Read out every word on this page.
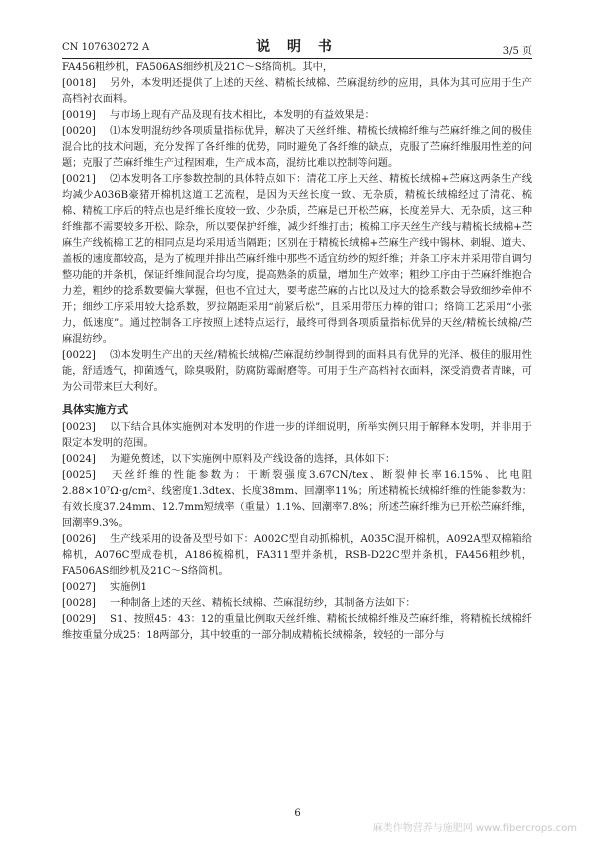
CN 107630272 A	说 明 书	3/5 页

FA456粗纱机，FA506AS细纱机及21C～S络筒机。其中，

[0018] 另外，本发明还提供了上述的天丝、精梳长绒棉、苎麻混纺纱的应用，具体为其可应用于生产高档衬衣面料。

[0019] 与市场上现有产品及现有技术相比，本发明的有益效果是：

[0020] ⑴本发明混纺纱各项质量指标优异，解决了天丝纤维、精梳长绒棉纤维与苎麻纤维之间的极佳混合比的技术问题，充分发挥了各纤维的优势，同时避免了各纤维的缺点，克服了苎麻纤维服用性差的问题；克服了苎麻纤维生产过程困难，生产成本高，混纺比难以控制等问题。

[0021] ⑵本发明各工序参数控制的具体特点如下：清花工序上天丝、精梳长绒棉+苎麻这两条生产线均减少A036B豪猪开棉机这道工艺流程，是因为天丝长度一致、无杂质，精梳长绒棉经过了清花、梳棉、精梳工序后的特点也是纤维长度较一致、少杂质，苎麻是已开松苎麻，长度差异大、无杂质，这三种纤维都不需要较多开松、除杂，所以要保护纤维，减少纤维打击；梳棉工序天丝生产线与精梳长绒棉+苎麻生产线梳棉工艺的相同点是均采用适当隔距；区别在于精梳长绒棉+苎麻生产线中锡林、刺辊、道夫、盖板的速度都较高，是为了梳理并排出苎麻纤维中那些不适宜纺纱的短纤维；并条工序末并采用带自调匀整功能的并条机，保证纤维间混合均匀度，提高熟条的质量，增加生产效率；粗纱工序由于苎麻纤维抱合力差，粗纱的捻系数要偏大掌握，但也不宜过大，要考虑苎麻的占比以及过大的捻系数会导致细纱牵伸不开；细纱工序采用较大捻系数，罗拉隔距采用“前紧后松”，且采用带压力棒的钳口；络筒工艺采用“小张力，低速度”。通过控制各工序按照上述特点运行，最终可得到各项质量指标优异的天丝/精梳长绒棉/苎麻混纺纱。

[0022] ⑶本发明生产出的天丝/精梳长绒棉/苎麻混纺纱制得到的面料具有优异的光泽、极佳的服用性能，舒适透气，抑菌透气，除臭吸附，防腐防霉耐磨等。可用于生产高档衬衣面料，深受消费者青睐，可为公司带来巨大利好。

具体实施方式

[0023] 以下结合具体实施例对本发明的作进一步的详细说明，所举实例只用于解释本发明，并非用于限定本发明的范围。

[0024] 为避免赘述，以下实施例中原料及产线设备的选择，具体如下：

[0025] 天丝纤维的性能参数为：干断裂强度3.67CN/tex、断裂伸长率16.15%、比电阻2.88×10⁷Ω·g/cm²、线密度1.3dtex、长度38mm、回潮率11%；所述精梳长绒棉纤维的性能参数为：有效长度37.24mm、12.7mm短绒率（重量）1.1%、回潮率7.8%；所述苎麻纤维为已开松苎麻纤维，回潮率9.3%。

[0026] 生产线采用的设备及型号如下：A002C型自动抓棉机，A035C混开棉机，A092A型双棉箱给棉机，A076C型成卷机，A186梳棉机，FA311型并条机，RSB-D22C型并条机，FA456粗纱机，FA506AS细纱机及21C～S络筒机。

[0027] 实施例1

[0028] 一种制备上述的天丝、精梳长绒棉、苎麻混纺纱，其制备方法如下：

[0029] S1、按照45：43：12的重量比例取天丝纤维、精梳长绒棉纤维及苎麻纤维，将精梳长绒棉纤维按重量分成25：18两部分，其中较重的一部分制成精梳长绒棉条，较轻的一部分与

6
麻类作物营养与施肥网 www.fibercrops.com
